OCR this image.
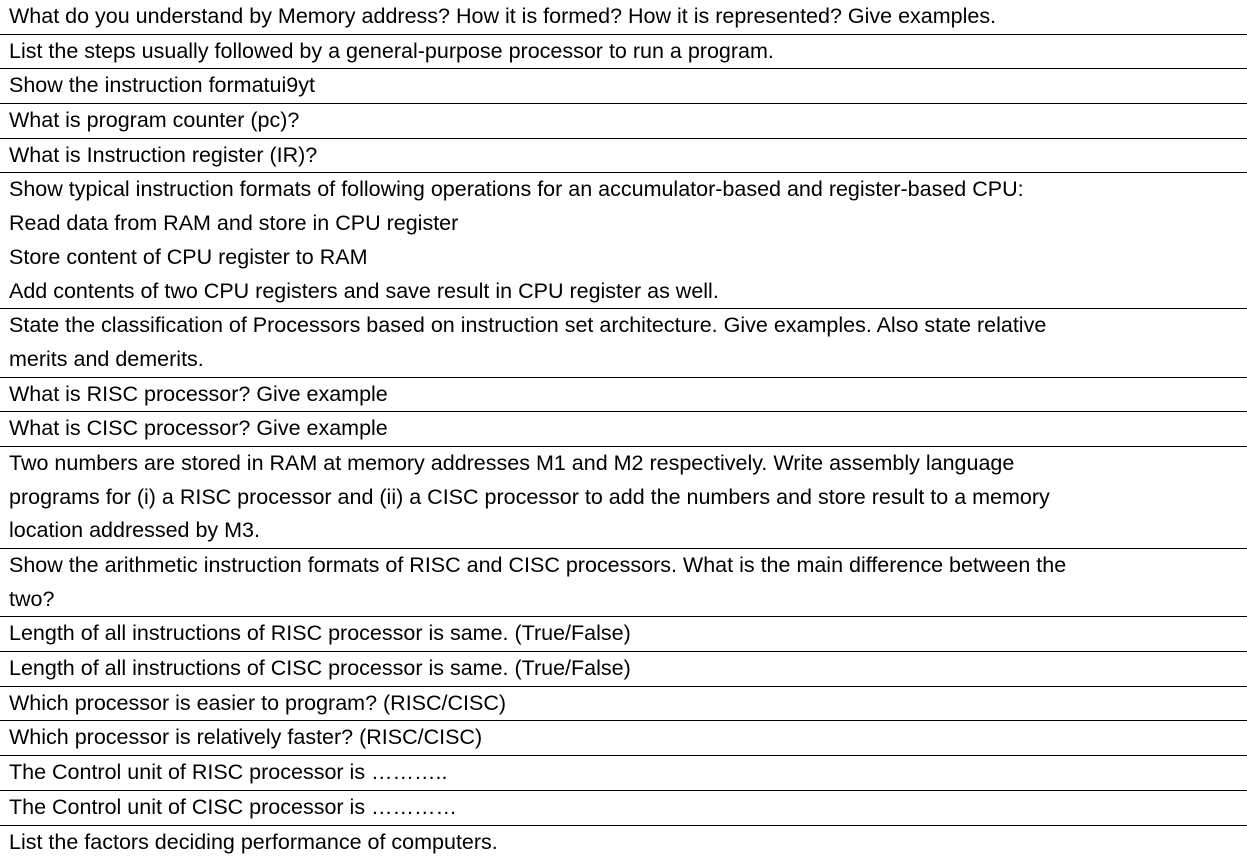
What do you understand by Memory address? How it is formed? How it is represented? Give examples.

List the steps usually followed by a general-purpose processor to run a program.

Show the instruction formatui9yt

What is program counter (pc)?

What is Instruction register (IR)?

Show typical instruction formats of following operations for an accumulator-based and register-based CPU:
Read data from RAM and store in CPU register
Store content of CPU register to RAM
Add contents of two CPU registers and save result in CPU register as well.

State the classification of Processors based on instruction set architecture. Give examples. Also state relative
merits and demerits.

What is RISC processor? Give example

What is CISC processor? Give example

Two numbers are stored in RAM at memory addresses M1 and M2 respectively. Write assembly language
programs for (i) a RISC processor and (ii) a CISC processor to add the numbers and store result to a memory
location addressed by M3.

Show the arithmetic instruction formats of RISC and CISC processors. What is the main difference between the
two?

Length of all instructions of RISC processor is same. (True/False)

Length of all instructions of CISC processor is same. (True/False)

Which processor is easier to program? (RISC/CISC)

Which processor is relatively faster? (RISC/CISC)

The Control unit of RISC processor is ………..

The Control unit of CISC processor is …………

List the factors deciding performance of computers.
